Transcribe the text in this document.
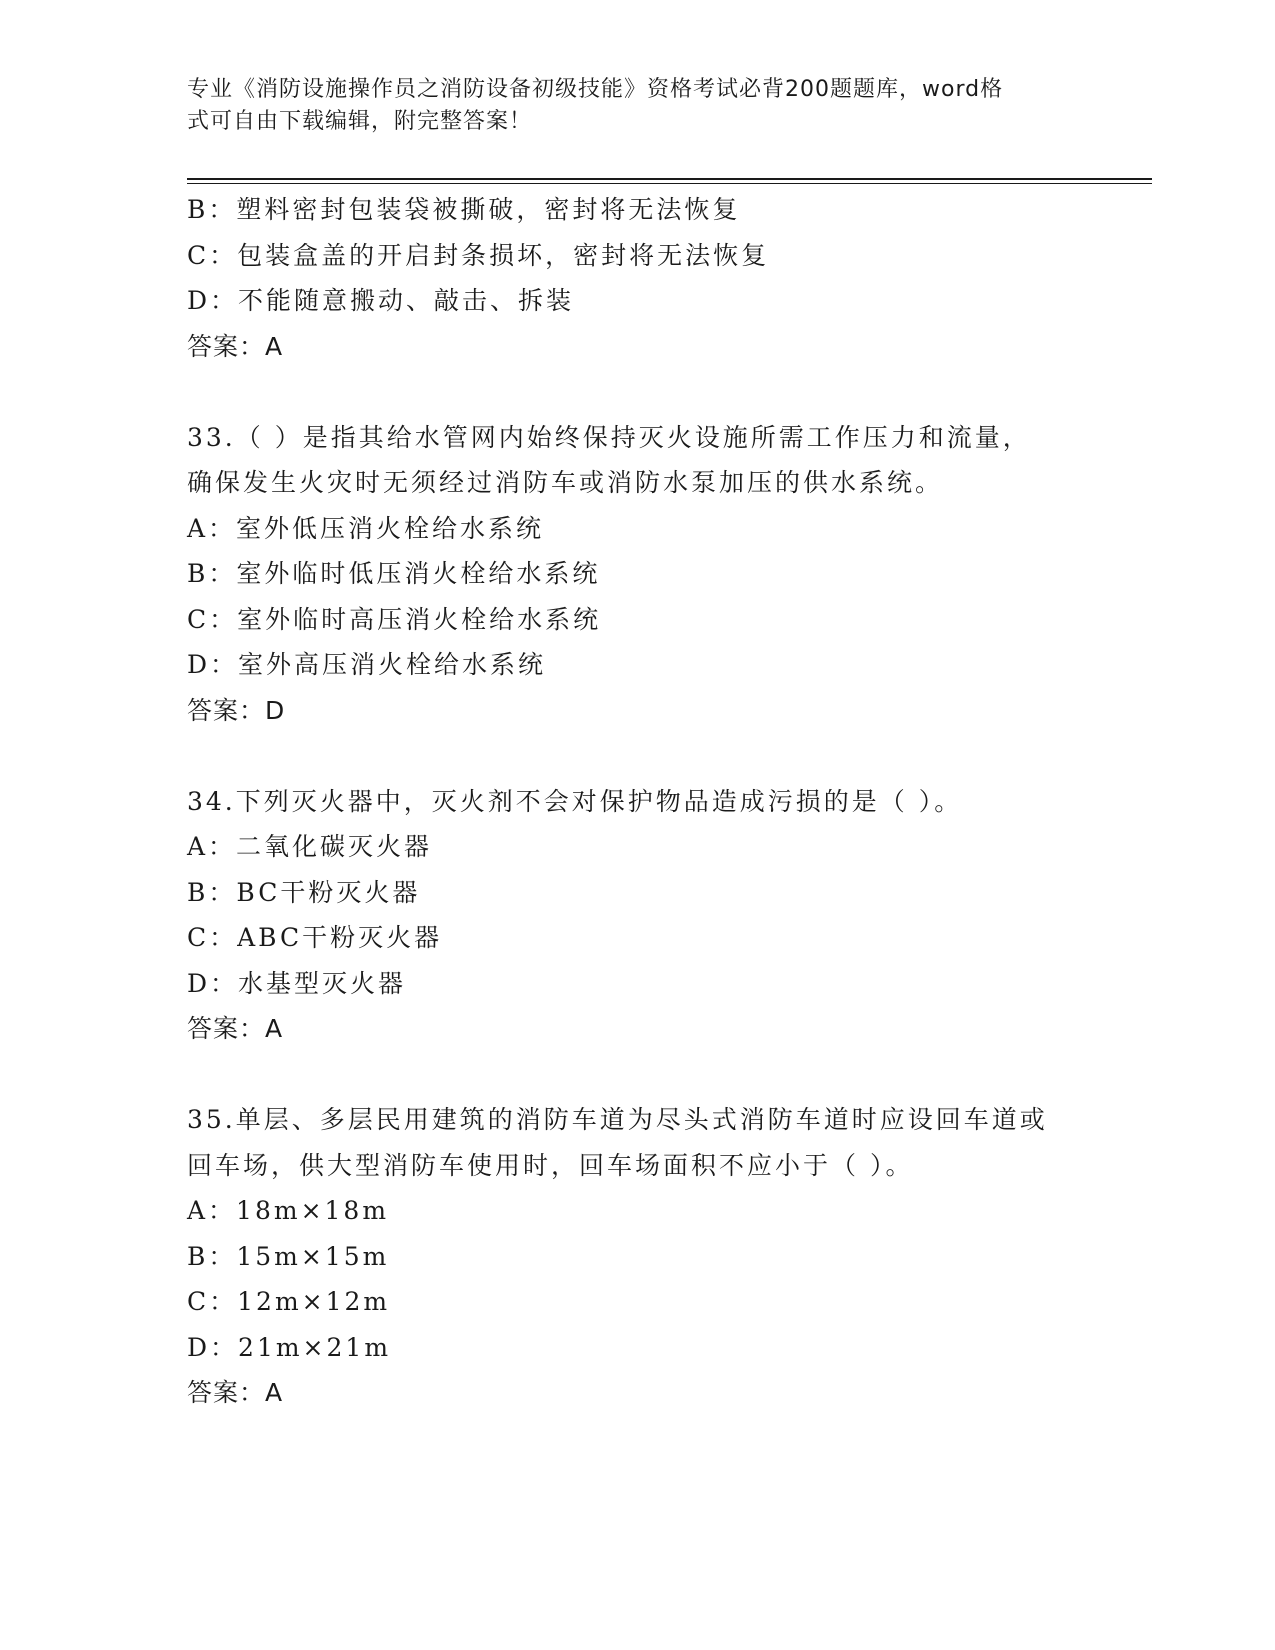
专业《消防设施操作员之消防设备初级技能》资格考试必背200题题库，word格
式可自由下载编辑，附完整答案！
B：塑料密封包装袋被撕破，密封将无法恢复
C：包装盒盖的开启封条损坏，密封将无法恢复
D：不能随意搬动、敲击、拆装
答案：A
33.（ ）是指其给水管网内始终保持灭火设施所需工作压力和流量，
确保发生火灾时无须经过消防车或消防水泵加压的供水系统。
A：室外低压消火栓给水系统
B：室外临时低压消火栓给水系统
C：室外临时高压消火栓给水系统
D：室外高压消火栓给水系统
答案：D
34.下列灭火器中，灭火剂不会对保护物品造成污损的是（ ）。
A：二氧化碳灭火器
B：BC干粉灭火器
C：ABC干粉灭火器
D：水基型灭火器
答案：A
35.单层、多层民用建筑的消防车道为尽头式消防车道时应设回车道或
回车场，供大型消防车使用时，回车场面积不应小于（ ）。
A：18m×18m
B：15m×15m
C：12m×12m
D：21m×21m
答案：A
